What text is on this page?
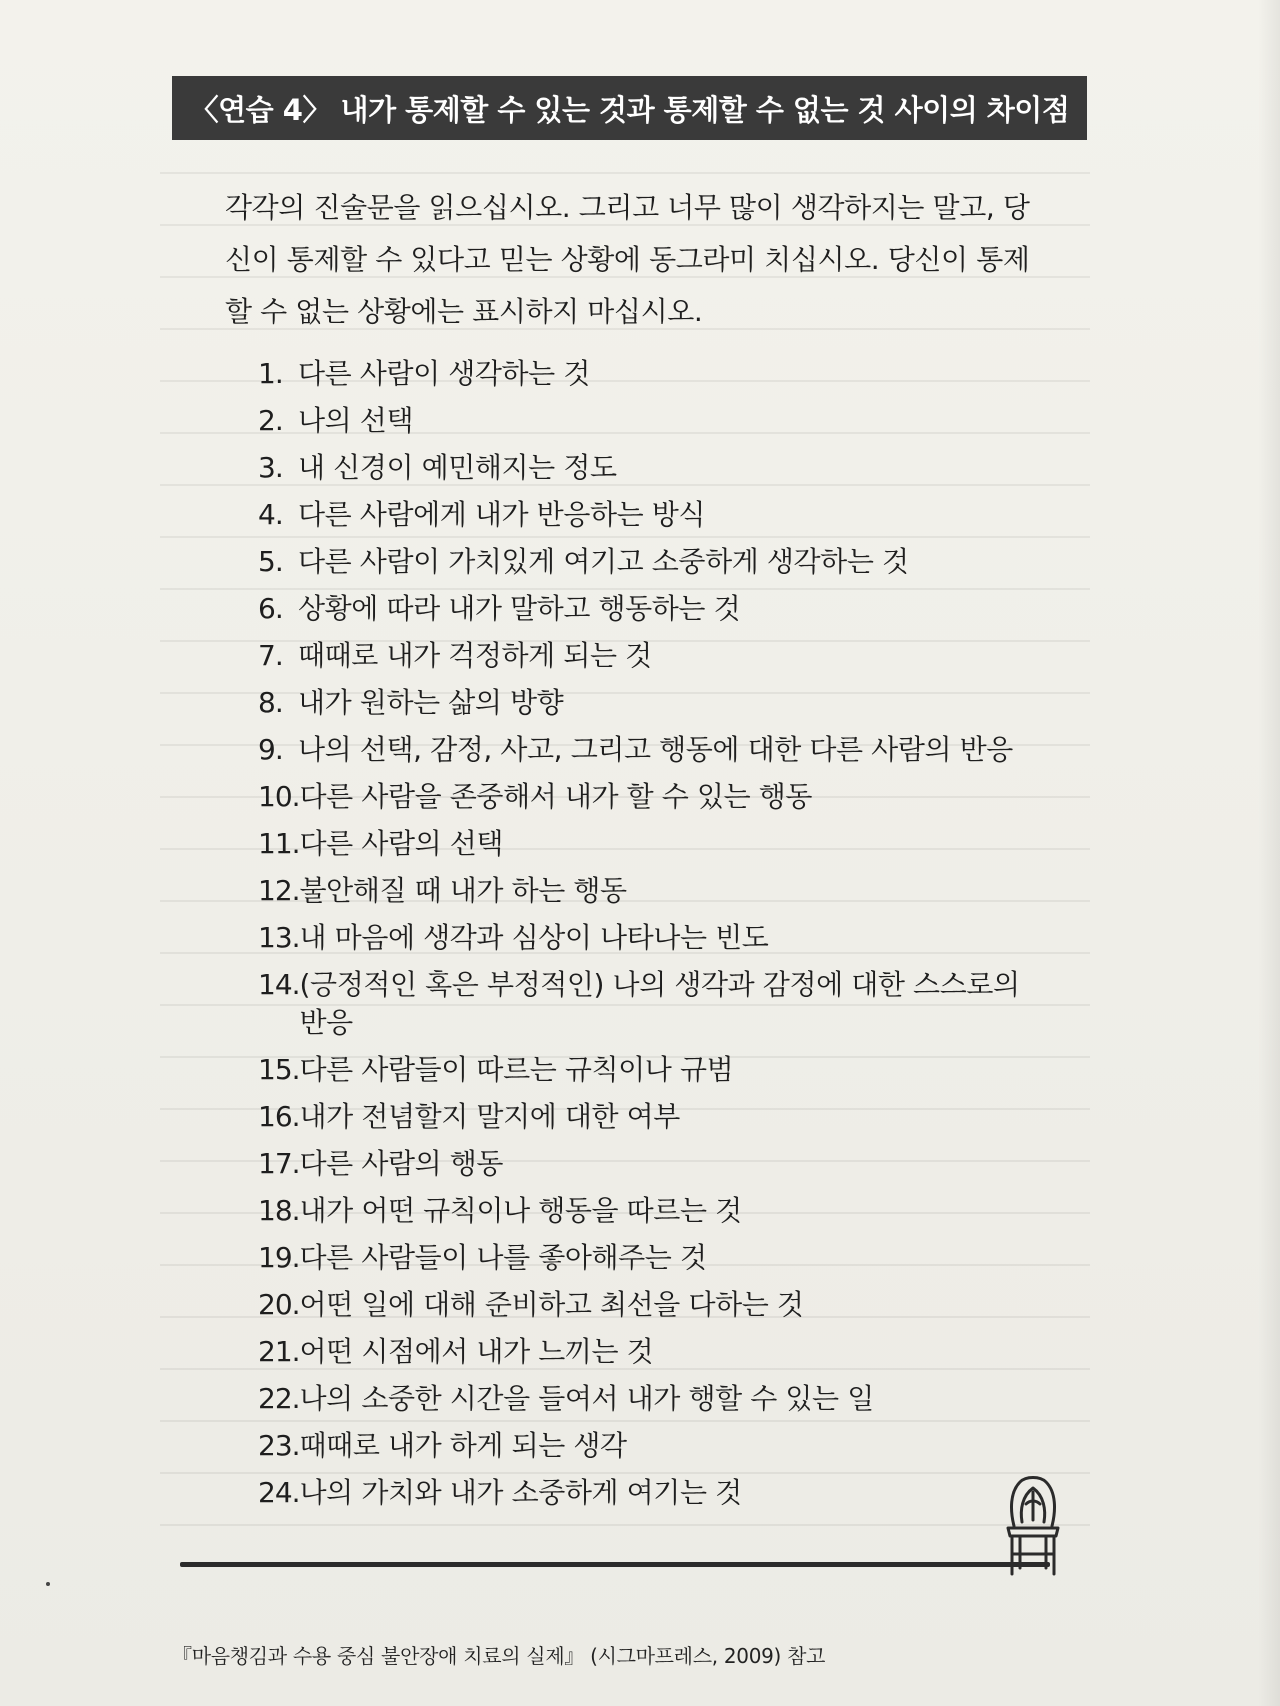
〈연습 4〉 내가 통제할 수 있는 것과 통제할 수 없는 것 사이의 차이점

각각의 진술문을 읽으십시오. 그리고 너무 많이 생각하지는 말고, 당신이 통제할 수 있다고 믿는 상황에 동그라미 치십시오. 당신이 통제할 수 없는 상황에는 표시하지 마십시오.

1. 다른 사람이 생각하는 것
2. 나의 선택
3. 내 신경이 예민해지는 정도
4. 다른 사람에게 내가 반응하는 방식
5. 다른 사람이 가치있게 여기고 소중하게 생각하는 것
6. 상황에 따라 내가 말하고 행동하는 것
7. 때때로 내가 걱정하게 되는 것
8. 내가 원하는 삶의 방향
9. 나의 선택, 감정, 사고, 그리고 행동에 대한 다른 사람의 반응
10. 다른 사람을 존중해서 내가 할 수 있는 행동
11. 다른 사람의 선택
12. 불안해질 때 내가 하는 행동
13. 내 마음에 생각과 심상이 나타나는 빈도
14. (긍정적인 혹은 부정적인) 나의 생각과 감정에 대한 스스로의 반응
15. 다른 사람들이 따르는 규칙이나 규범
16. 내가 전념할지 말지에 대한 여부
17. 다른 사람의 행동
18. 내가 어떤 규칙이나 행동을 따르는 것
19. 다른 사람들이 나를 좋아해주는 것
20. 어떤 일에 대해 준비하고 최선을 다하는 것
21. 어떤 시점에서 내가 느끼는 것
22. 나의 소중한 시간을 들여서 내가 행할 수 있는 일
23. 때때로 내가 하게 되는 생각
24. 나의 가치와 내가 소중하게 여기는 것
『마음챙김과 수용 중심 불안장애 치료의 실제』 (시그마프레스, 2009) 참고
